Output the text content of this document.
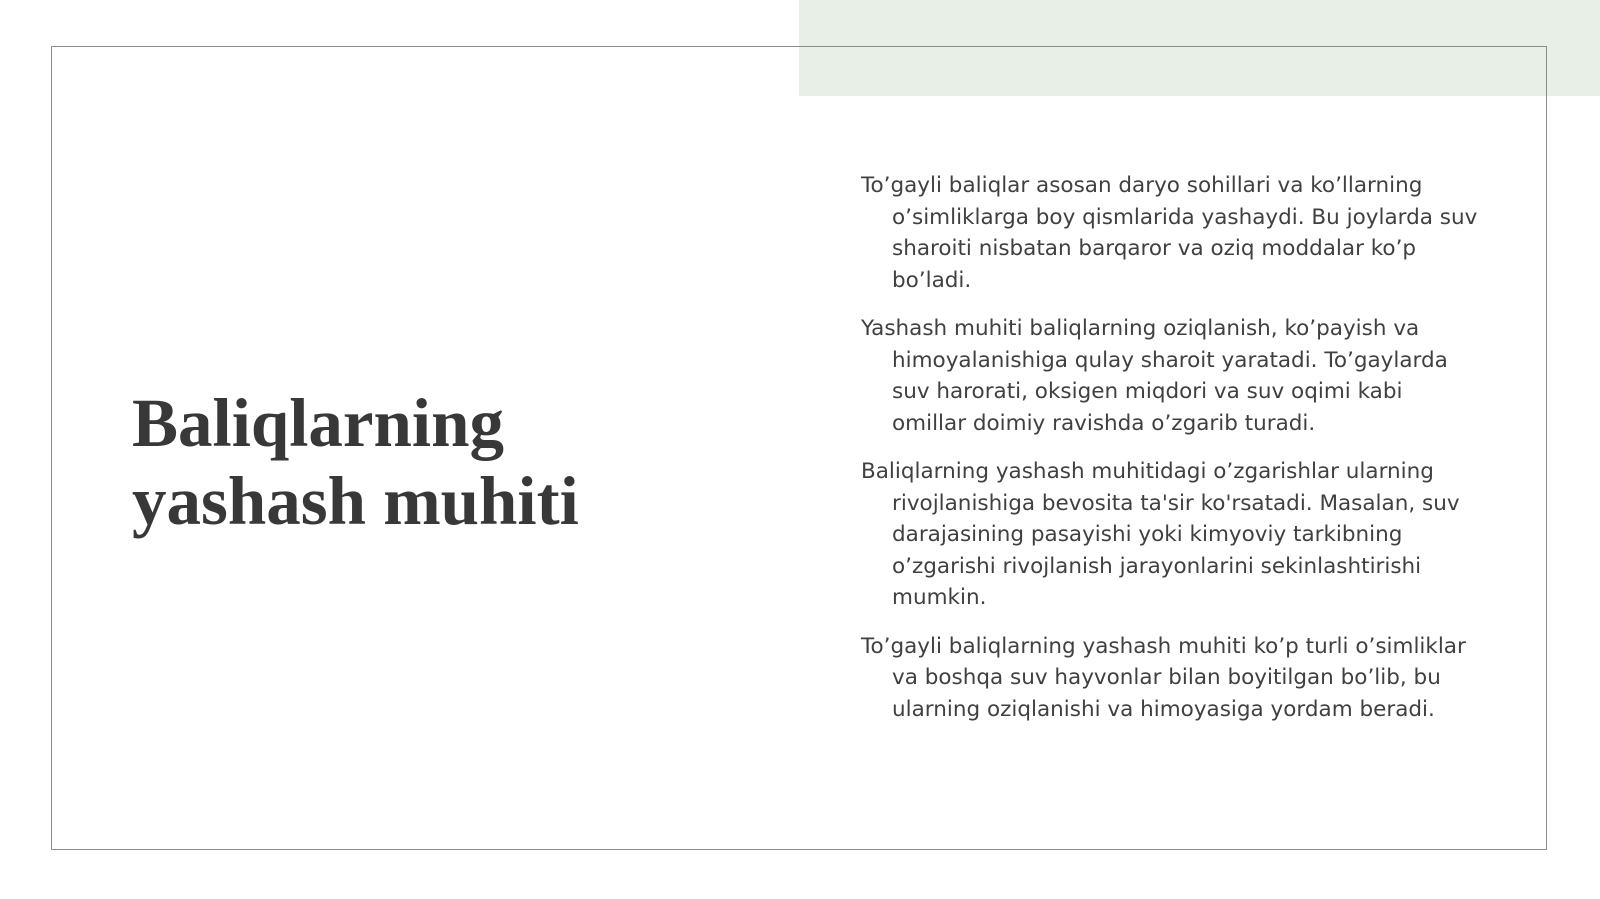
Baliqlarning
yashash muhiti

To’gayli baliqlar asosan daryo sohillari va ko’llarning o’simliklarga boy qismlarida yashaydi. Bu joylarda suv sharoiti nisbatan barqaror va oziq moddalar ko’p bo’ladi.

Yashash muhiti baliqlarning oziqlanish, ko’payish va himoyalanishiga qulay sharoit yaratadi. To’gaylarda suv harorati, oksigen miqdori va suv oqimi kabi omillar doimiy ravishda o’zgarib turadi.

Baliqlarning yashash muhitidagi o’zgarishlar ularning rivojlanishiga bevosita ta'sir ko'rsatadi. Masalan, suv darajasining pasayishi yoki kimyoviy tarkibning o’zgarishi rivojlanish jarayonlarini sekinlashtirishi mumkin.

To’gayli baliqlarning yashash muhiti ko’p turli o’simliklar va boshqa suv hayvonlar bilan boyitilgan bo’lib, bu ularning oziqlanishi va himoyasiga yordam beradi.
